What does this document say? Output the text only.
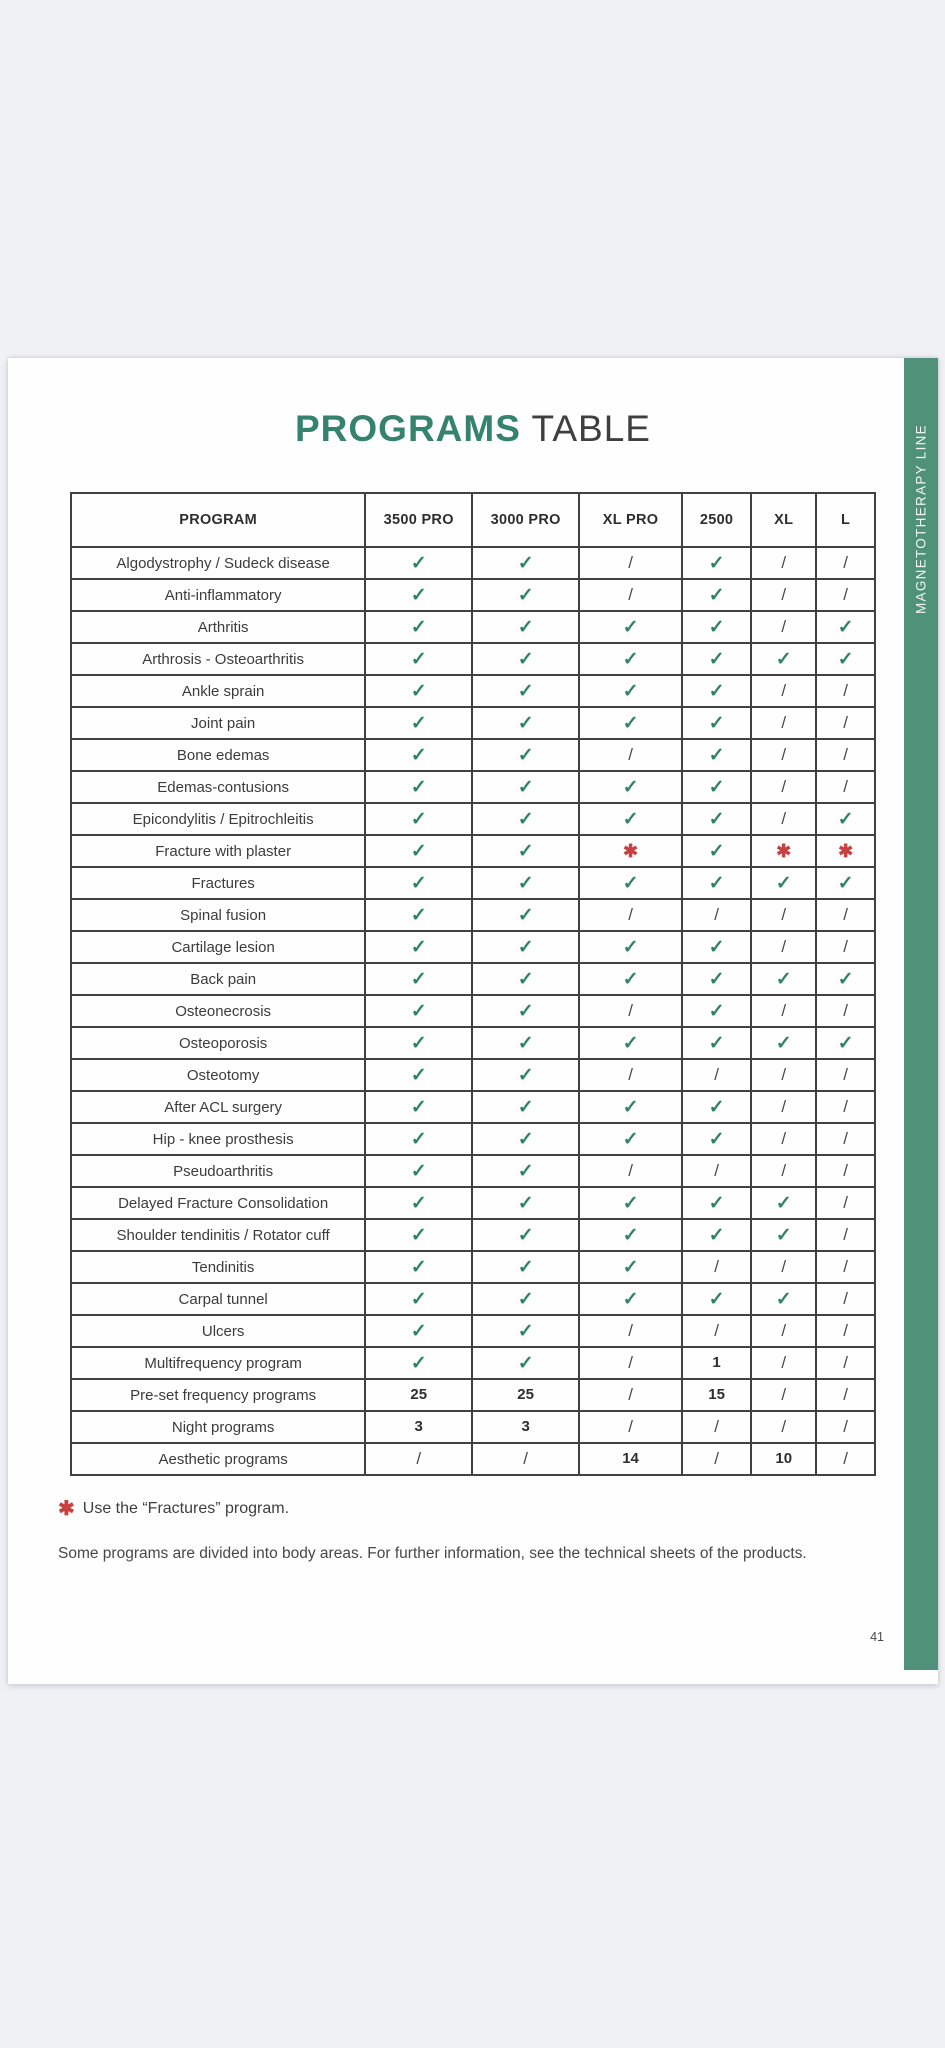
PROGRAMS TABLE
PROGRAM	3500 PRO	3000 PRO	XL PRO	2500	XL	L
Algodystrophy / Sudeck disease	✓	✓	/	✓	/	/
Anti-inflammatory	✓	✓	/	✓	/	/
Arthritis	✓	✓	✓	✓	/	✓
Arthrosis - Osteoarthritis	✓	✓	✓	✓	✓	✓
Ankle sprain	✓	✓	✓	✓	/	/
Joint pain	✓	✓	✓	✓	/	/
Bone edemas	✓	✓	/	✓	/	/
Edemas-contusions	✓	✓	✓	✓	/	/
Epicondylitis / Epitrochleitis	✓	✓	✓	✓	/	✓
Fracture with plaster	✓	✓	✱	✓	✱	✱
Fractures	✓	✓	✓	✓	✓	✓
Spinal fusion	✓	✓	/	/	/	/
Cartilage lesion	✓	✓	✓	✓	/	/
Back pain	✓	✓	✓	✓	✓	✓
Osteonecrosis	✓	✓	/	✓	/	/
Osteoporosis	✓	✓	✓	✓	✓	✓
Osteotomy	✓	✓	/	/	/	/
After ACL surgery	✓	✓	✓	✓	/	/
Hip - knee prosthesis	✓	✓	✓	✓	/	/
Pseudoarthritis	✓	✓	/	/	/	/
Delayed Fracture Consolidation	✓	✓	✓	✓	✓	/
Shoulder tendinitis / Rotator cuff	✓	✓	✓	✓	✓	/
Tendinitis	✓	✓	✓	/	/	/
Carpal tunnel	✓	✓	✓	✓	✓	/
Ulcers	✓	✓	/	/	/	/
Multifrequency program	✓	✓	/	1	/	/
Pre-set frequency programs	25	25	/	15	/	/
Night programs	3	3	/	/	/	/
Aesthetic programs	/	/	14	/	10	/
✱ Use the “Fractures” program.

Some programs are divided into body areas. For further information, see the technical sheets of the products.

41
MAGNETOTHERAPY LINE
